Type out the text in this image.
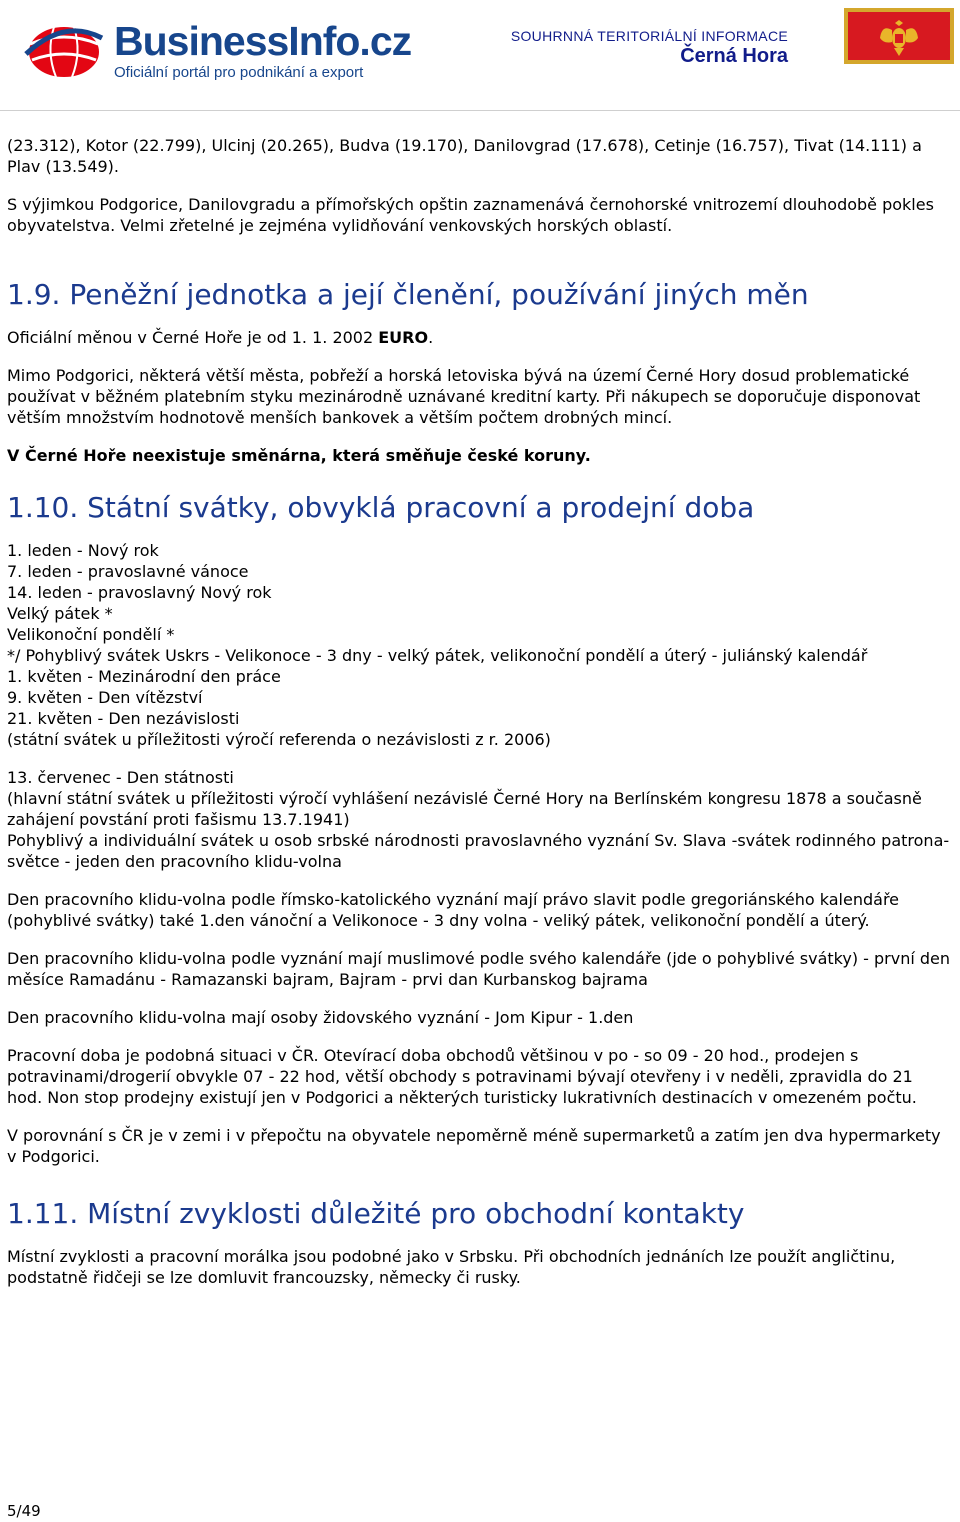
BusinessInfo.cz
Oficiální portál pro podnikání a export
SOUHRNNÁ TERITORIÁLNÍ INFORMACE
Černá Hora

(23.312), Kotor (22.799), Ulcinj (20.265), Budva (19.170), Danilovgrad (17.678), Cetinje (16.757), Tivat (14.111) a Plav (13.549).

S výjimkou Podgorice, Danilovgradu a přímořských opštin zaznamenává černohorské vnitrozemí dlouhodobě pokles obyvatelstva. Velmi zřetelné je zejména vylidňování venkovských horských oblastí.

1.9. Peněžní jednotka a její členění, používání jiných měn

Oficiální měnou v Černé Hoře je od 1. 1. 2002 EURO.

Mimo Podgorici, některá větší města, pobřeží a horská letoviska bývá na území Černé Hory dosud problematické používat v běžném platebním styku mezinárodně uznávané kreditní karty. Při nákupech se doporučuje disponovat větším množstvím hodnotově menších bankovek a větším počtem drobných mincí.

V Černé Hoře neexistuje směnárna, která směňuje české koruny.

1.10. Státní svátky, obvyklá pracovní a prodejní doba

1. leden - Nový rok

7. leden - pravoslavné vánoce

14. leden - pravoslavný Nový rok

Velký pátek *

Velikonoční pondělí *

*/ Pohyblivý svátek Uskrs - Velikonoce - 3 dny - velký pátek, velikonoční pondělí a úterý - juliánský kalendář

1. květen - Mezinárodní den práce

9. květen - Den vítězství

21. květen - Den nezávislosti

(státní svátek u příležitosti výročí referenda o nezávislosti z r. 2006)

13. červenec - Den státnosti

(hlavní státní svátek u příležitosti výročí vyhlášení nezávislé Černé Hory na Berlínském kongresu 1878 a současně zahájení povstání proti fašismu 13.7.1941)

Pohyblivý a individuální svátek u osob srbské národnosti pravoslavného vyznání Sv. Slava -svátek rodinného patrona-světce - jeden den pracovního klidu-volna

Den pracovního klidu-volna podle římsko-katolického vyznání mají právo slavit podle gregoriánského kalendáře (pohyblivé svátky) také 1.den vánoční a Velikonoce - 3 dny volna - veliký pátek, velikonoční pondělí a úterý.

Den pracovního klidu-volna podle vyznání mají muslimové podle svého kalendáře (jde o pohyblivé svátky) - první den měsíce Ramadánu - Ramazanski bajram, Bajram - prvi dan Kurbanskog bajrama

Den pracovního klidu-volna mají osoby židovského vyznání - Jom Kipur - 1.den

Pracovní doba je podobná situaci v ČR. Otevírací doba obchodů většinou v po - so 09 - 20 hod., prodejen s potravinami/drogerií obvykle 07 - 22 hod, větší obchody s potravinami bývají otevřeny i v neděli, zpravidla do 21 hod. Non stop prodejny existují jen v Podgorici a některých turisticky lukrativních destinacích v omezeném počtu.

V porovnání s ČR je v zemi i v přepočtu na obyvatele nepoměrně méně supermarketů a zatím jen dva hypermarkety v Podgorici.

1.11. Místní zvyklosti důležité pro obchodní kontakty

Místní zvyklosti a pracovní morálka jsou podobné jako v Srbsku. Při obchodních jednáních lze použít angličtinu, podstatně řidčeji se lze domluvit francouzsky, německy či rusky.

5/49
